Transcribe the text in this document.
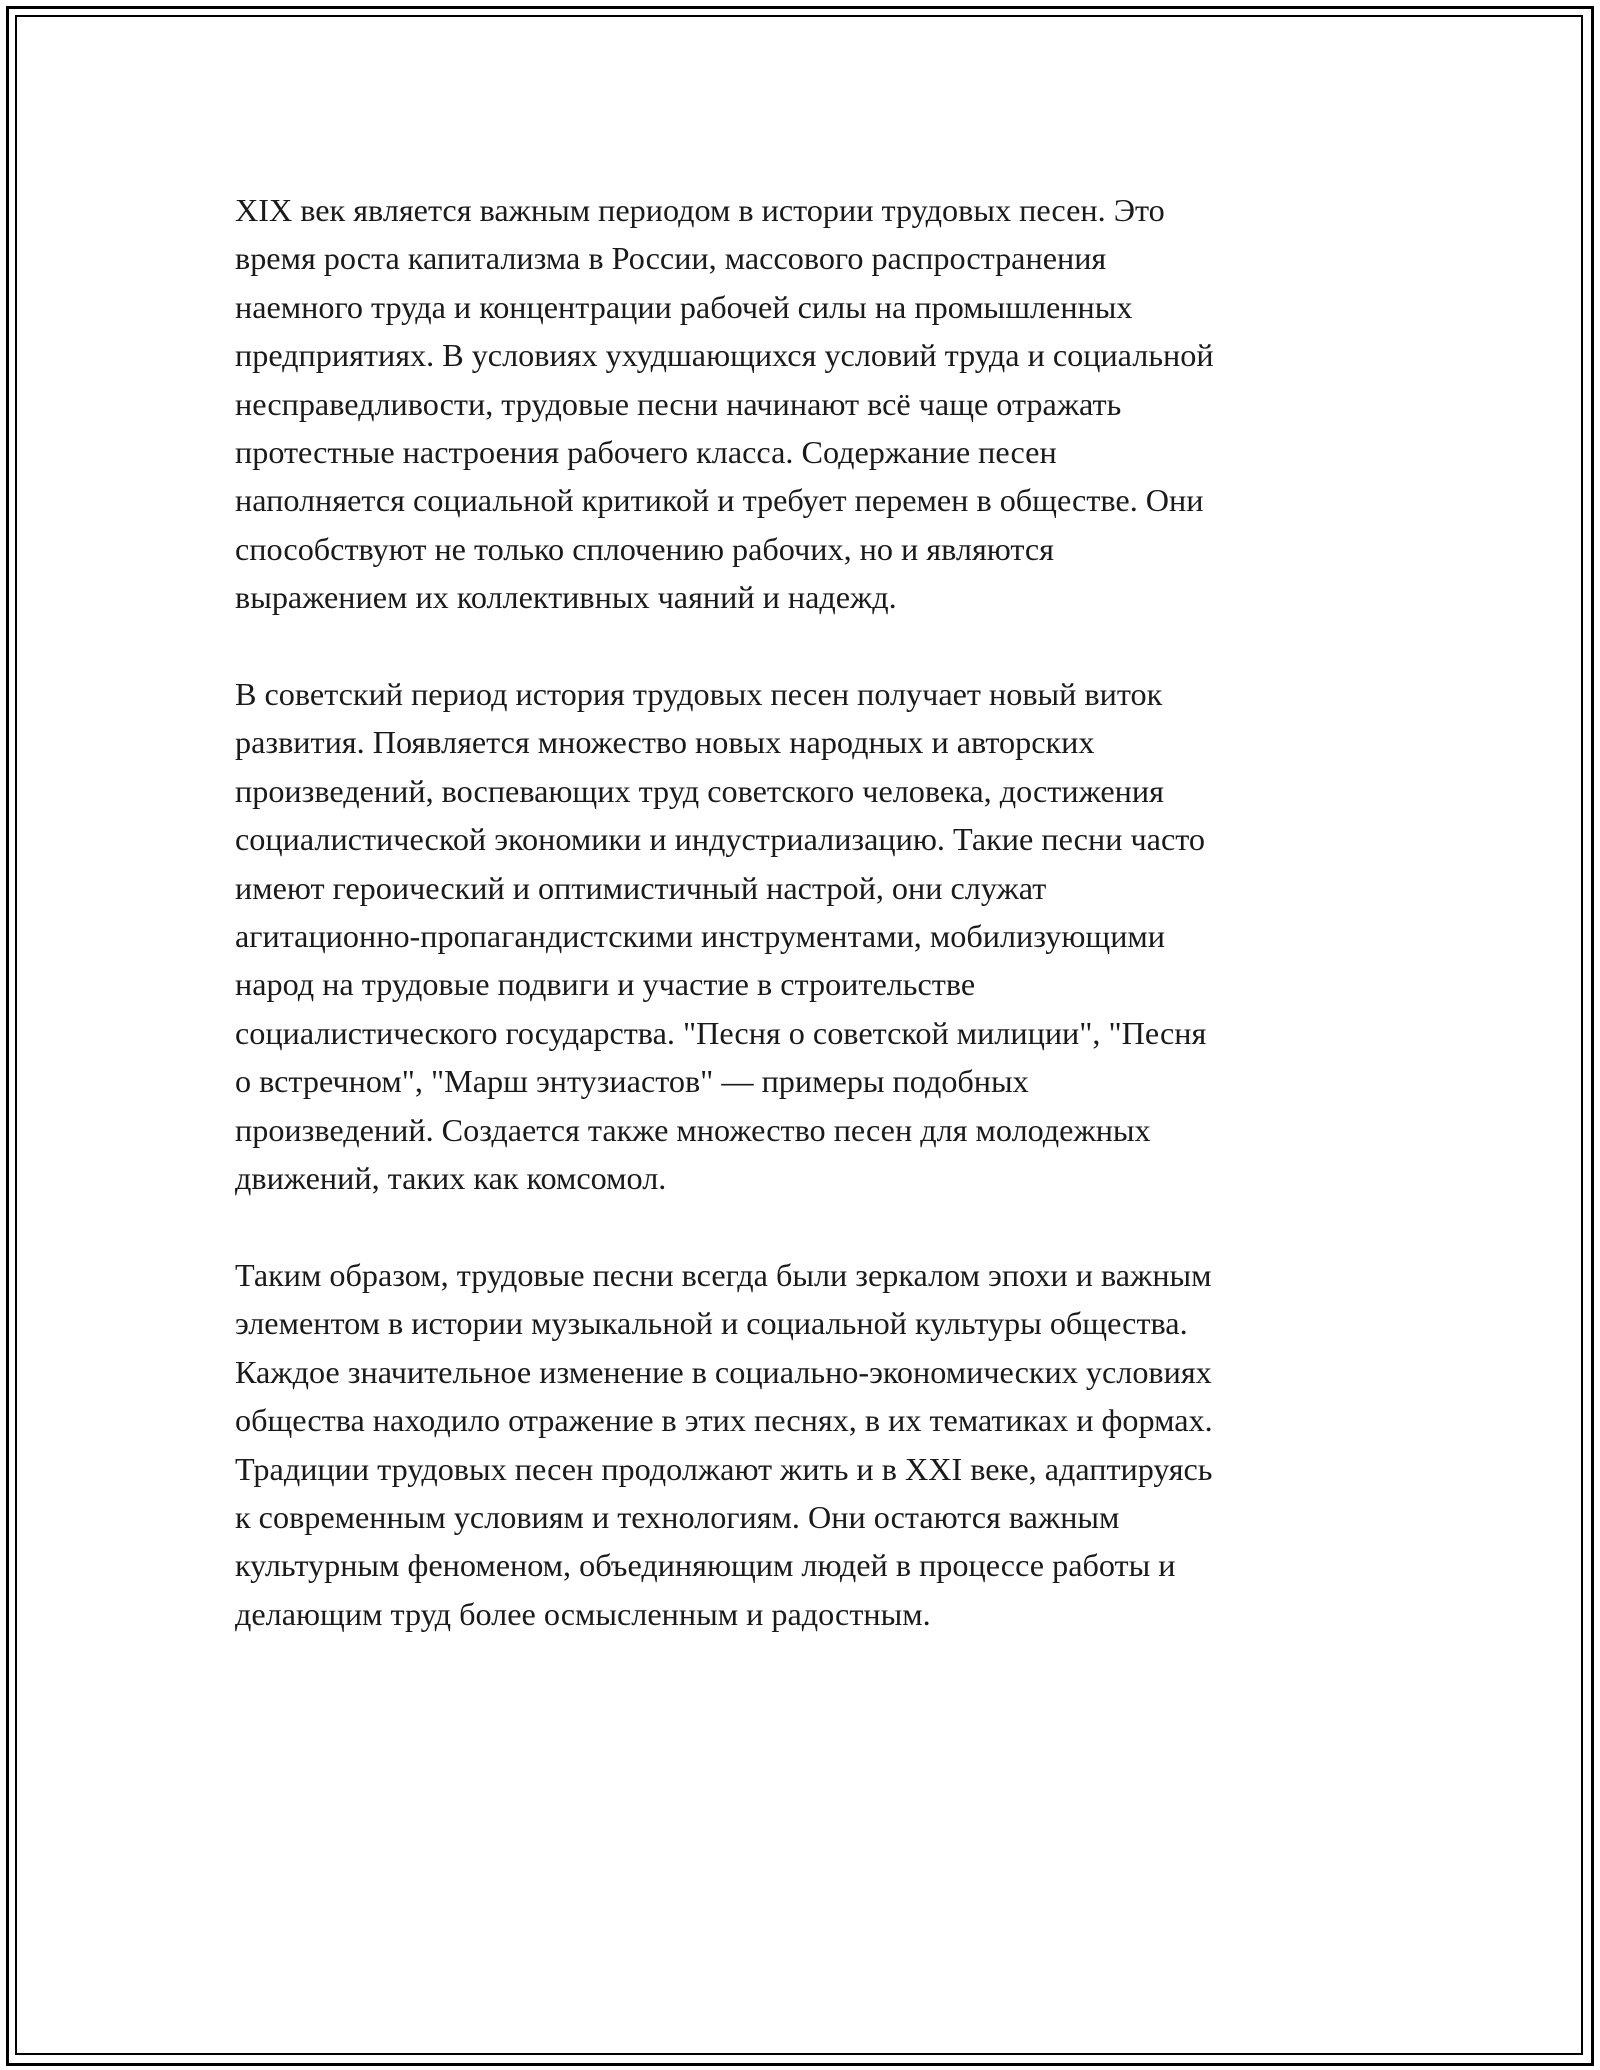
XIX век является важным периодом в истории трудовых песен. Это
время роста капитализма в России, массового распространения
наемного труда и концентрации рабочей силы на промышленных
предприятиях. В условиях ухудшающихся условий труда и социальной
несправедливости, трудовые песни начинают всё чаще отражать
протестные настроения рабочего класса. Содержание песен
наполняется социальной критикой и требует перемен в обществе. Они
способствуют не только сплочению рабочих, но и являются
выражением их коллективных чаяний и надежд.

В советский период история трудовых песен получает новый виток
развития. Появляется множество новых народных и авторских
произведений, воспевающих труд советского человека, достижения
социалистической экономики и индустриализацию. Такие песни часто
имеют героический и оптимистичный настрой, они служат
агитационно-пропагандистскими инструментами, мобилизующими
народ на трудовые подвиги и участие в строительстве
социалистического государства. "Песня о советской милиции", "Песня
о встречном", "Марш энтузиастов" — примеры подобных
произведений. Создается также множество песен для молодежных
движений, таких как комсомол.

Таким образом, трудовые песни всегда были зеркалом эпохи и важным
элементом в истории музыкальной и социальной культуры общества.
Каждое значительное изменение в социально-экономических условиях
общества находило отражение в этих песнях, в их тематиках и формах.
Традиции трудовых песен продолжают жить и в XXI веке, адаптируясь
к современным условиям и технологиям. Они остаются важным
культурным феноменом, объединяющим людей в процессе работы и
делающим труд более осмысленным и радостным.
